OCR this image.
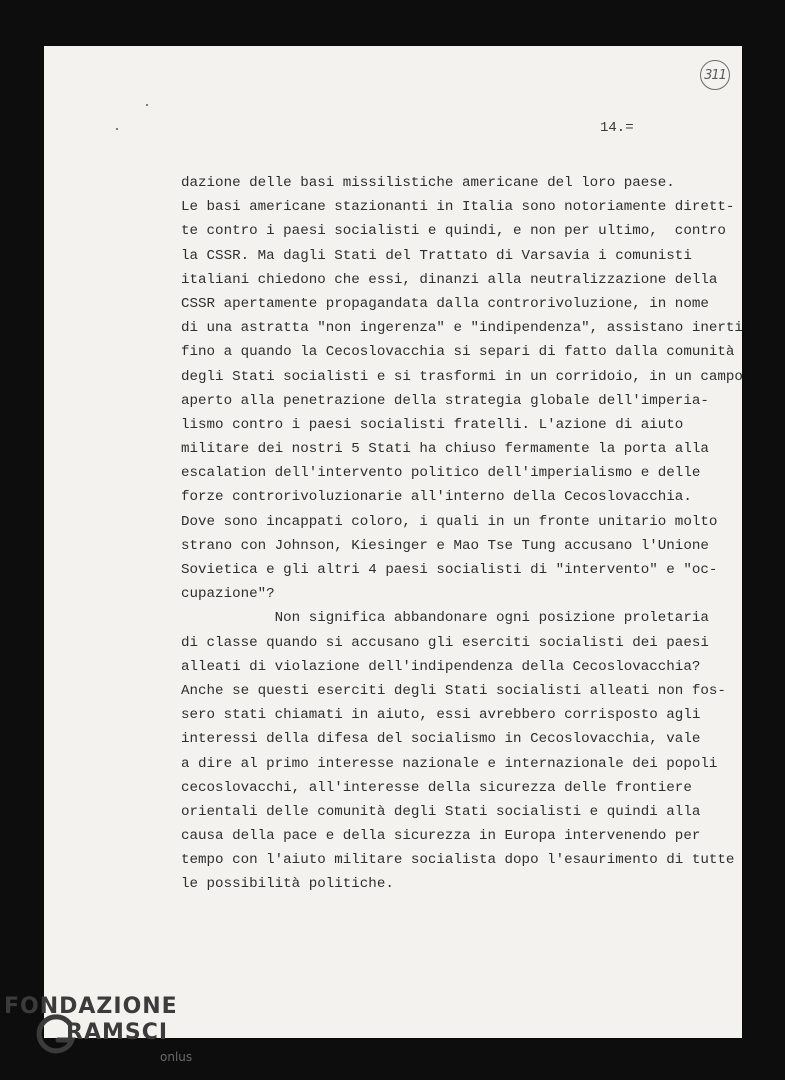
311
14.=
dazione delle basi missilistiche americane del loro paese.
Le basi americane stazionanti in Italia sono notoriamente dirett-
te contro i paesi socialisti e quindi, e non per ultimo,  contro
la CSSR. Ma dagli Stati del Trattato di Varsavia i comunisti
italiani chiedono che essi, dinanzi alla neutralizzazione della
CSSR apertamente propagandata dalla controrivoluzione, in nome
di una astratta "non ingerenza" e "indipendenza", assistano inerti
fino a quando la Cecoslovacchia si separi di fatto dalla comunità
degli Stati socialisti e si trasformi in un corridoio, in un campo
aperto alla penetrazione della strategia globale dell'imperia-
lismo contro i paesi socialisti fratelli. L'azione di aiuto
militare dei nostri 5 Stati ha chiuso fermamente la porta alla
escalation dell'intervento politico dell'imperialismo e delle
forze controrivoluzionarie all'interno della Cecoslovacchia.
Dove sono incappati coloro, i quali in un fronte unitario molto
strano con Johnson, Kiesinger e Mao Tse Tung accusano l'Unione
Sovietica e gli altri 4 paesi socialisti di "intervento" e "oc-
cupazione"?
Non significa abbandonare ogni posizione proletaria
di classe quando si accusano gli eserciti socialisti dei paesi
alleati di violazione dell'indipendenza della Cecoslovacchia?
Anche se questi eserciti degli Stati socialisti alleati non fos-
sero stati chiamati in aiuto, essi avrebbero corrisposto agli
interessi della difesa del socialismo in Cecoslovacchia, vale
a dire al primo interesse nazionale e internazionale dei popoli
cecoslovacchi, all'interesse della sicurezza delle frontiere
orientali delle comunità degli Stati socialisti e quindi alla
causa della pace e della sicurezza in Europa intervenendo per
tempo con l'aiuto militare socialista dopo l'esaurimento di tutte
le possibilità politiche.
FONDAZIONE
RAMSCI
onlus
